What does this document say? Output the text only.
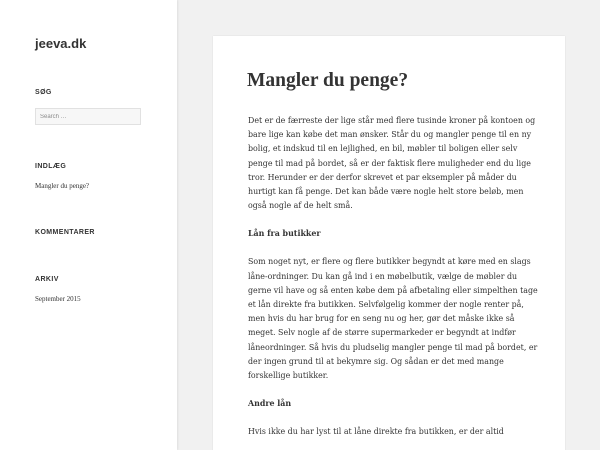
jeeva.dk
SØG
Search …
INDLÆG
Mangler du penge?
KOMMENTARER
ARKIV
September 2015
Mangler du penge?

Det er de færreste der lige står med flere tusinde kroner på kontoen og bare lige kan købe det man ønsker. Står du og mangler penge til en ny bolig, et indskud til en lejlighed, en bil, møbler til boligen eller selv penge til mad på bordet, så er der faktisk flere muligheder end du lige tror. Herunder er der derfor skrevet et par eksempler på måder du hurtigt kan få penge. Det kan både være nogle helt store beløb, men også nogle af de helt små.

Lån fra butikker

Som noget nyt, er flere og flere butikker begyndt at køre med en slags låne-ordninger. Du kan gå ind i en møbelbutik, vælge de møbler du gerne vil have og så enten købe dem på afbetaling eller simpelthen tage et lån direkte fra butikken. Selvfølgelig kommer der nogle renter på, men hvis du har brug for en seng nu og her, gør det måske ikke så meget. Selv nogle af de større supermarkeder er begyndt at indfør låneordninger. Så hvis du pludselig mangler penge til mad på bordet, er der ingen grund til at bekymre sig. Og sådan er det med mange forskellige butikker.

Andre lån

Hvis ikke du har lyst til at låne direkte fra butikken, er der altid
